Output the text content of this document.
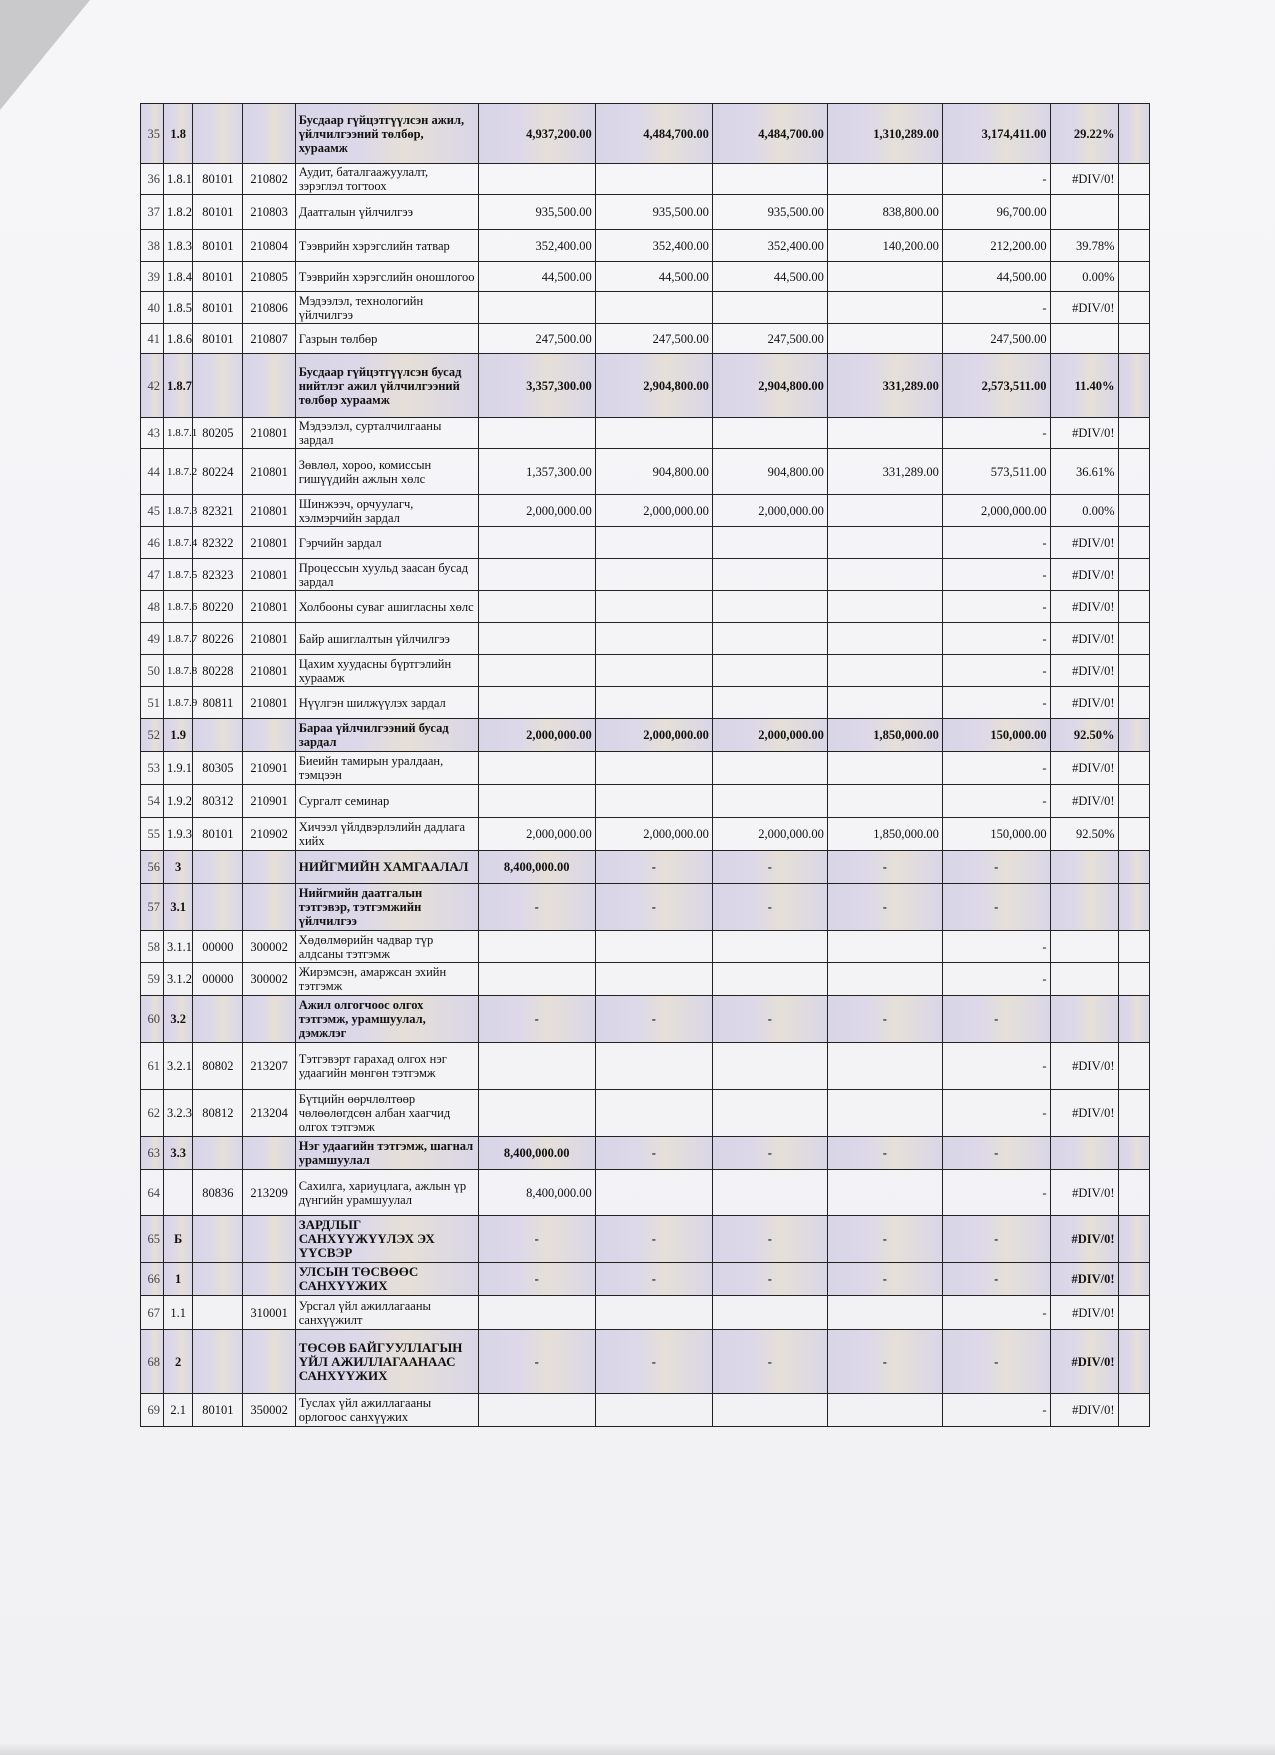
35	1.8			Бусдаар гүйцэтгүүлсэн ажил, үйлчилгээний төлбөр, хураамж	4,937,200.00	4,484,700.00	4,484,700.00	1,310,289.00	3,174,411.00	29.22%	
36	1.8.1	80101	210802	Аудит, баталгаажуулалт, зэрэглэл тогтоох					-	#DIV/0!	
37	1.8.2	80101	210803	Даатгалын үйлчилгээ	935,500.00	935,500.00	935,500.00	838,800.00	96,700.00		
38	1.8.3	80101	210804	Тээврийн хэрэгслийн татвар	352,400.00	352,400.00	352,400.00	140,200.00	212,200.00	39.78%	
39	1.8.4	80101	210805	Тээврийн хэрэгслийн оношлогоо	44,500.00	44,500.00	44,500.00		44,500.00	0.00%	
40	1.8.5	80101	210806	Мэдээлэл, технологийн үйлчилгээ					-	#DIV/0!	
41	1.8.6	80101	210807	Газрын төлбөр	247,500.00	247,500.00	247,500.00		247,500.00		
42	1.8.7			Бусдаар гүйцэтгүүлсэн бусад нийтлэг ажил үйлчилгээний төлбөр хураамж	3,357,300.00	2,904,800.00	2,904,800.00	331,289.00	2,573,511.00	11.40%	
43	1.8.7.1	80205	210801	Мэдээлэл, сурталчилгааны зардал					-	#DIV/0!	
44	1.8.7.2	80224	210801	Зөвлөл, хороо, комиссын гишүүдийн ажлын хөлс	1,357,300.00	904,800.00	904,800.00	331,289.00	573,511.00	36.61%	
45	1.8.7.3	82321	210801	Шинжээч, орчуулагч, хэлмэрчийн зардал	2,000,000.00	2,000,000.00	2,000,000.00		2,000,000.00	0.00%	
46	1.8.7.4	82322	210801	Гэрчийн зардал					-	#DIV/0!	
47	1.8.7.5	82323	210801	Процессын хуульд заасан бусад зардал					-	#DIV/0!	
48	1.8.7.6	80220	210801	Холбооны суваг ашигласны хөлс					-	#DIV/0!	
49	1.8.7.7	80226	210801	Байр ашиглалтын үйлчилгээ					-	#DIV/0!	
50	1.8.7.8	80228	210801	Цахим хуудасны бүртгэлийн хураамж					-	#DIV/0!	
51	1.8.7.9	80811	210801	Нүүлгэн шилжүүлэх зардал					-	#DIV/0!	
52	1.9			Бараа үйлчилгээний бусад зардал	2,000,000.00	2,000,000.00	2,000,000.00	1,850,000.00	150,000.00	92.50%	
53	1.9.1	80305	210901	Биеийн тамирын уралдаан, тэмцээн					-	#DIV/0!	
54	1.9.2	80312	210901	Сургалт семинар					-	#DIV/0!	
55	1.9.3	80101	210902	Хичээл үйлдвэрлэлийн дадлага хийх	2,000,000.00	2,000,000.00	2,000,000.00	1,850,000.00	150,000.00	92.50%	
56	3			НИЙГМИЙН ХАМГААЛАЛ	8,400,000.00	-	-	-	-		
57	3.1			Нийгмийн даатгалын тэтгэвэр, тэтгэмжийн үйлчилгээ	-	-	-	-	-		
58	3.1.1	00000	300002	Хөдөлмөрийн чадвар түр алдсаны тэтгэмж					-		
59	3.1.2	00000	300002	Жирэмсэн, амаржсан эхийн тэтгэмж					-		
60	3.2			Ажил олгогчоос олгох тэтгэмж, урамшуулал, дэмжлэг	-	-	-	-	-		
61	3.2.1	80802	213207	Тэтгэвэрт гарахад олгох нэг удаагийн мөнгөн тэтгэмж					-	#DIV/0!	
62	3.2.3	80812	213204	Бүтцийн өөрчлөлтөөр чөлөөлөгдсөн албан хаагчид олгох тэтгэмж					-	#DIV/0!	
63	3.3			Нэг удаагийн тэтгэмж, шагнал урамшуулал	8,400,000.00	-	-	-	-		
64		80836	213209	Сахилга, хариуцлага, ажлын үр дүнгийн урамшуулал	8,400,000.00				-	#DIV/0!	
65	Б			ЗАРДЛЫГ САНХҮҮЖҮҮЛЭХ ЭХ ҮҮСВЭР	-	-	-	-	-	#DIV/0!	
66	1			УЛСЫН ТӨСВӨӨС САНХҮҮЖИХ	-	-	-	-	-	#DIV/0!	
67	1.1		310001	Урсгал үйл ажиллагааны санхүүжилт					-	#DIV/0!	
68	2			ТӨСӨВ БАЙГУУЛЛАГЫН ҮЙЛ АЖИЛЛАГААНААС САНХҮҮЖИХ	-	-	-	-	-	#DIV/0!	
69	2.1	80101	350002	Туслах үйл ажиллагааны орлогоос санхүүжих					-	#DIV/0!	
